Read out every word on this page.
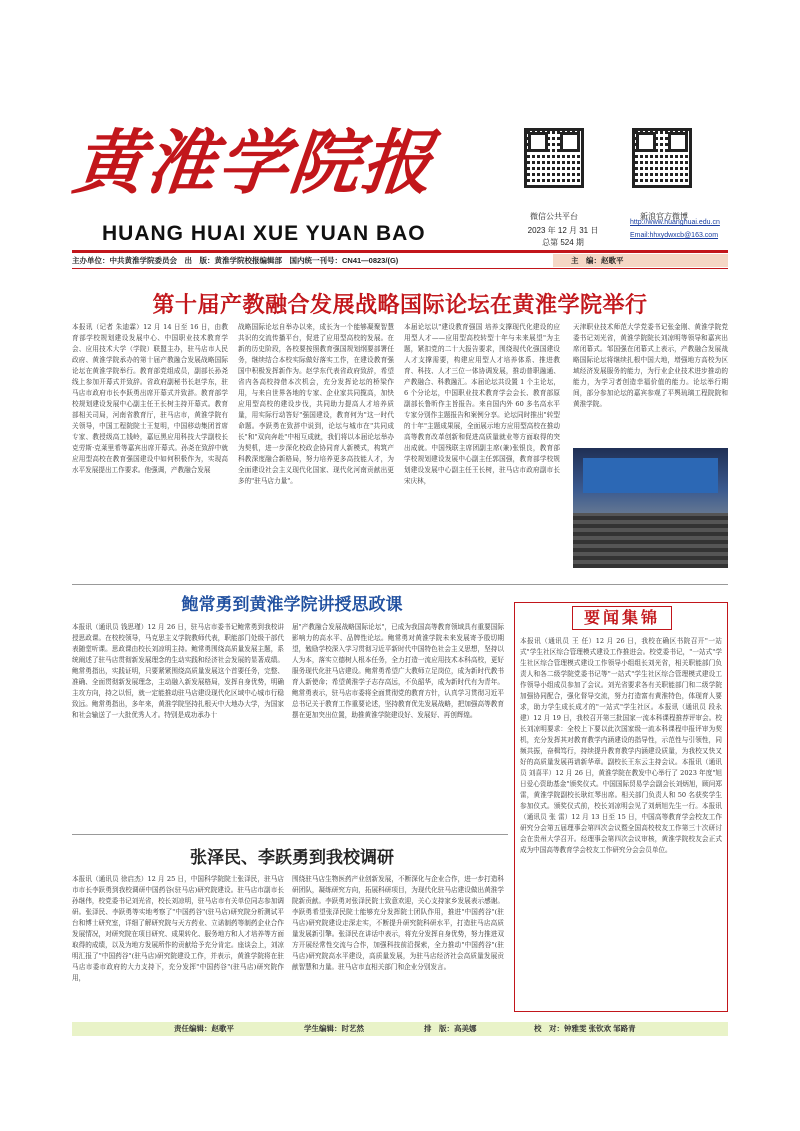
黄淮学院报
HUANG HUAI XUE YUAN BAO
微信公共平台	新浪官方微博
2023 年 12 月 31 日
总第 524 期
http://www.huanghuai.edu.cn
Email:hhxydwxcb@163.com
主办单位：中共黄淮学院委员会　出　版：黄淮学院校报编辑部　国内统一刊号：CN41—0823/(G)	主　编：赵歌平
第十届产教融合发展战略国际论坛在黄淮学院举行
本报讯（记者 朱迪霖）12 月 14 日至 16 日，由教育部学校规划建设发展中心、中国职业技术教育学会、应用技术大学（学院）联盟主办，驻马店市人民政府、黄淮学院承办的第十届产教融合发展战略国际论坛在黄淮学院举行。教育部党组成员，副部长孙尧线上参加开幕式并致辞。省政府副秘书长赵学东，驻马店市政府市长李跃勇出席开幕式并致辞。教育部学校规划建设发展中心副主任王长树主持开幕式。教育部相关司局，河南省教育厅，驻马店市，黄淮学院有关领导，中国工程院院士王复明，中国移动集团首席专家、教授级高工钱岭，嘉厄黑应用科技大学副校长克劳斯·克莱里希等嘉宾出席开幕式。孙尧在致辞中就应用型高校在教育强国建设中如何积极作为，实现高水平发展提出工作要求。他强调，产教融合发展
战略国际论坛自举办以来，成长为一个能够凝聚智慧共识的交流传播平台，促进了应用型高校的发展。在新的历史阶段，各校要按照教育强国规划纲要部署任务，继续结合本校实际做好落实工作，在建设教育强国中积极发挥新作为。赵学东代表省政府致辞，希望省内各高校持借本次机会，充分发挥论坛的桥梁作用，与来自世界各地的专家、企业家共同揽高，加快应用型高校的建设步伐，共同助力提高人才培养质量，用实际行动答好"强国建设，教育何为"这一时代命题。李跃勇在致辞中说到，论坛与城市在"共同成长"和"双向奔赴"中相互成就，我们将以本届论坛举办为契机，进一步深化校政企协同育人新模式，构筑产科教深度融合新格局，努力培养更多高技能人才，为全面建设社会主义现代化国家、现代化河南贡献出更多的"驻马店力量"。
本届论坛以"建设教育强国 培养支撑现代化建设的应用型人才——应用型高校转型十年与未来展望"为主题，紧扣党的二十大报告要求，围绕现代化强国建设人才支撑需要，构建应用型人才培养体系、推进教育、科技、人才三位一体协调发展，推动普职融通、产教融合、科教融汇。本届论坛共设置 1 个主论坛，6 个分论坛，中国职业技术教育学会会长、教育部原副部长鲁昕作主旨报告。来自国内外 60 多名高水平专家分别作主题报告和案例分享。论坛同时推出"转型的十年"主题成果展，全面展示地方应用型高校在推动高等教育改革创新和促进高质量就业等方面取得的突出成就。中国残联主席团副主席(兼)张银良，教育部学校规划建设发展中心副主任郭国强，教育部学校规划建设发展中心副主任王长树，驻马店市政府副市长宋庆林，
天津职业技术师范大学党委书记张金刚、黄淮学院党委书记刘光省，黄淮学院院长刘凉明等领导和嘉宾出席闭幕式。邹国强在闭幕式上表示，产教融合发展战略国际论坛将继续扎根中国大地，增强地方高校为区域经济发展服务的能力，为行业企业技术进步推动的能力，为学习者创造幸福价值的能力。论坛举行期间，部分参加论坛的嘉宾参观了平舆琉璃工程院院和黄淮学院。
鲍常勇到黄淮学院讲授思政课
本报讯（通讯员 钱思瑾）12 月 26 日，驻马店市委书记鲍常勇到我校讲授思政课。在校校领导，马克思主义学院教师代表，职能部门处级干部代表随堂听课。思政课由校长刘凉明主持。鲍常勇围绕高质量发展主题，系统阐述了驻马店贯彻新发展理念的生动实践和经济社会发展的显著成绩。鲍常勇指出，实践证明，只要紧紧围绕高质量发展这个首要任务，完整、准确、全面贯彻新发展理念，主动融入新发展格局，发挥自身优势，明确主攻方向，持之以恒，就一定能推动驻马店建设现代化区域中心城市行稳致远。鲍常勇指出，多年来，黄淮学院坚持扎根天中大地办大学，为国家和社会输送了一大批优秀人才。特别是成功承办十
届"产教融合发展战略国际论坛"，已成为我国高等教育领域具有重要国际影响力的高水平、品牌性论坛。鲍常勇对黄淮学院未来发展寄予殷切期望，勉励学校深入学习贯彻习近平新时代中国特色社会主义思想，坚持以人为本，落实立德树人根本任务，全力打造一流应用技术本科高校，更好服务现代化驻马店建设。鲍常勇希望广大教师立足岗位，成为新时代教书育人新使命；希望黄淮学子志存高远，不负韶华，成为新时代有为青年。鲍常勇表示，驻马店市委将全面贯彻党的教育方针，认真学习贯彻习近平总书记关于教育工作重要论述，坚持教育优先发展战略，把加强高等教育摆在更加突出位置，助推黄淮学院建设好、发展好、再创辉煌。
张泽民、李跃勇到我校调研
本报讯（通讯员 徐启杰）12 月 25 日，中国科学院院士张泽民，驻马店市市长李跃勇到我校调研中国药谷(驻马店)研究院建设。驻马店市副市长孙继伟，校党委书记刘光省，校长刘凉明，驻马店市有关单位同志参加调研。张泽民、李跃勇等实地考察了"中国药谷"(驻马店)研究院分析测试平台和博士研究室，详细了解研究院与天方药业、立诺制药等制药企业合作发展情况，对研究院在项目研究、成果转化、服务地方和人才培养等方面取得的成绩，以及为地方发展所作的贡献给予充分肯定。座谈会上，刘凉明汇报了"中国药谷"(驻马店)研究院建设工作，并表示，黄淮学院将在驻马店市委市政府的大力支持下，充分发挥"中国药谷"(驻马店)研究院作用，
围绕驻马店生物医药产业创新发展，不断深化与企业合作，进一步打造科研团队，凝练研究方向，拓展科研项目，为现代化驻马店建设做出黄淮学院新贡献。李跃勇对张泽民院士致意欢迎，关心支持家乡发展表示感谢。李跃勇希望张泽民院士能够充分发挥院士团队作用，推进"中国药谷"(驻马店)研究院建设走深走实，不断提升研究院科研水平，打造驻马店高质量发展新引擎。张泽民在讲话中表示，将充分发挥自身优势，努力推进双方开展经常性交流与合作，加强科技前沿探索，全力推动"中国药谷"(驻马店)研究院高水平建设，高质量发展，为驻马店经济社会高质量发展贡献智慧和力量。驻马店市直相关部门和企业分别发言。
要闻集锦
本报讯（通讯员 王 任）12 月 26 日，我校在确区书院召开"一站式"学生社区综合管理模式建设工作推进会。校党委书记，"一站式"学生社区综合管理模式建设工作领导小组组长刘光省，相关职能部门负责人和各二级学院党委书记等"一站式"学生社区综合管理模式建设工作领导小组成员参加了会议。刘光省要求各有关职能部门和二级学院加强协同配合，强化督导交流，努力打造富有黄淮特色，体现育人要求，助力学生成长成才的"一站式"学生社区。本报讯（通讯员 段永建）12 月 19 日，我校召开第三批国家一流本科课程推荐评审会。校长刘凉明要求：全校上下要以此次国家级一流本科课程申报评审为契机，充分发挥其对教育教学内涵建设的指导性，示范性与引领性，同频共振，奋楫笃行，持续提升教育教学内涵建设质量，为我校又快又好的高质量发展再谱新华章。副校长王东云主持会议。本报讯（通讯员 刘喜平）12 月 26 日，黄淮学院在教发中心举行了 2023 年度"旭日爱心资助基金"颁奖仪式。中国国际贸易学会副会长刘炳旭，顾问郑雷，黄淮学院副校长耿红琴出席。相关部门负责人和 50 名获奖学生参加仪式。颁奖仪式前，校长刘凉明会见了刘炳旭先生一行。本报讯（通讯员 张 雷）12 月 13 日至 15 日，中国高等教育学会校友工作研究分会第五届理事会第四次会议暨全国高校校友工作第三十次研讨会在贵州大学召开。经理事会第四次会议审核，黄淮学院校友会正式成为中国高等教育学会校友工作研究分会会员单位。
责任编辑：赵歌平	学生编辑：时艺然	排　版：高美娜	校　对：钟雅雯 张钦欢 邹路青
